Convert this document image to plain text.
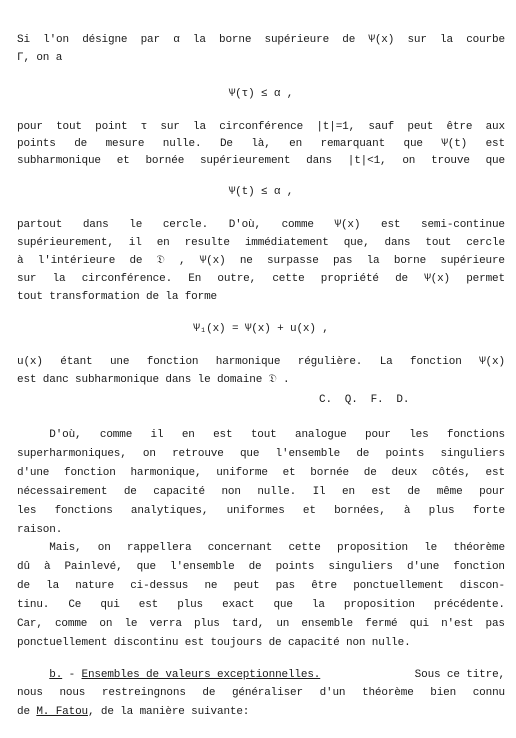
Si l'on désigne par α la borne supérieure de Ѱ(x) sur la courbe
Γ, on a
Ѱ(τ) ≤ α ,
pour tout point τ sur la circonférence |t|=1, sauf peut être aux
points de mesure nulle. De là, en remarquant que Ѱ(t) est
subharmonique et bornée supérieurement dans |t|<1, on trouve que
Ѱ(t) ≤ α ,
partout dans le cercle. D'où, comme Ѱ(x) est semi-continue
supérieurement, il en resulte immédiatement que, dans tout cercle
à l'intérieure de 𝔇 , Ѱ(x) ne surpasse pas la borne supérieure
sur la circonférence. En outre, cette propriété de Ѱ(x) permet
tout transformation de la forme
Ѱ₁(x) = Ѱ(x) + u(x) ,
u(x) étant une fonction harmonique régulière. La fonction Ѱ(x)
est danc subharmonique dans le domaine 𝔇 .
C.  Q.  F.  D.
D'où, comme il en est tout analogue pour les fonctions
superharmoniques, on retrouve que l'ensemble de points singuliers
d'une fonction harmonique, uniforme et bornée de deux côtés, est
nécessairement de capacité non nulle. Il en est de même pour
les fonctions analytiques, uniformes et bornées, à plus forte
raison.
Mais, on rappellera concernant cette proposition le théorème
dû à Painlevé, que l'ensemble de points singuliers d'une fonction
de la nature ci-dessus ne peut pas être ponctuellement discon-
tinu. Ce qui est plus exact que la proposition précédente.
Car, comme on le verra plus tard, un ensemble fermé qui n'est pas
ponctuellement discontinu est toujours de capacité non nulle.
b. - Ensembles de valeurs exceptionnelles.	Sous ce titre,
nous nous restreingnons de généraliser d'un théorème bien connu
de M. Fatou, de la manière suivante:
